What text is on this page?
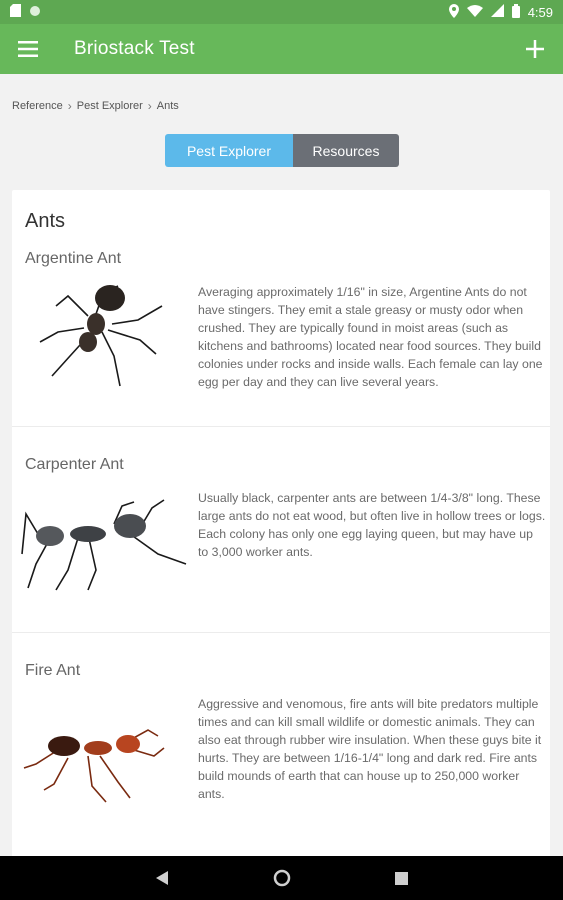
4:59
Briostack Test
Reference › Pest Explorer › Ants
Pest Explorer	Resources
Ants
Argentine Ant
Averaging approximately 1/16" in size, Argentine Ants do not have stingers. They emit a stale greasy or musty odor when crushed. They are typically found in moist areas (such as kitchens and bathrooms) located near food sources. They build colonies under rocks and inside walls. Each female can lay one egg per day and they can live several years.
Carpenter Ant
Usually black, carpenter ants are between 1/4-3/8" long. These large ants do not eat wood, but often live in hollow trees or logs. Each colony has only one egg laying queen, but may have up to 3,000 worker ants.
Fire Ant
Aggressive and venomous, fire ants will bite predators multiple times and can kill small wildlife or domestic animals. They can also eat through rubber wire insulation. When these guys bite it hurts. They are between 1/16-1/4" long and dark red. Fire ants build mounds of earth that can house up to 250,000 worker ants.
